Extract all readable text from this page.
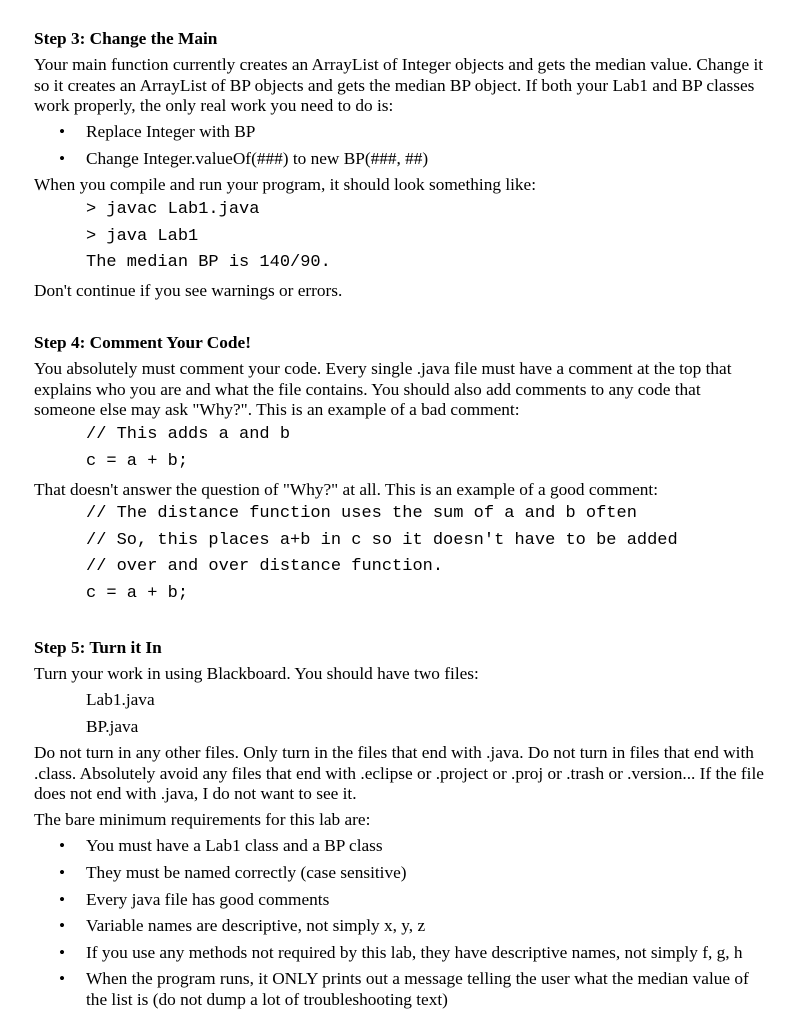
Step 3: Change the Main

Your main function currently creates an ArrayList of Integer objects and gets the median value. Change it so it creates an ArrayList of BP objects and gets the median BP object. If both your Lab1 and BP classes work properly, the only real work you need to do is:

• Replace Integer with BP
• Change Integer.valueOf(###) to new BP(###, ##)
When you compile and run your program, it should look something like:
> javac Lab1.java
> java Lab1
The median BP is 140/90.
Don't continue if you see warnings or errors.
Step 4: Comment Your Code!

You absolutely must comment your code. Every single .java file must have a comment at the top that explains who you are and what the file contains. You should also add comments to any code that someone else may ask "Why?". This is an example of a bad comment:

// This adds a and b
c = a + b;
That doesn't answer the question of "Why?" at all. This is an example of a good comment:
// The distance function uses the sum of a and b often
// So, this places a+b in c so it doesn't have to be added
// over and over distance function.
c = a + b;
Step 5: Turn it In
Turn your work in using Blackboard. You should have two files:
Lab1.java
BP.java

Do not turn in any other files. Only turn in the files that end with .java. Do not turn in files that end with .class. Absolutely avoid any files that end with .eclipse or .project or .proj or .trash or .version... If the file does not end with .java, I do not want to see it.

The bare minimum requirements for this lab are:
• You must have a Lab1 class and a BP class
• They must be named correctly (case sensitive)
• Every java file has good comments
• Variable names are descriptive, not simply x, y, z
• If you use any methods not required by this lab, they have descriptive names, not simply f, g, h
• When the program runs, it ONLY prints out a message telling the user what the median value of the list is (do not dump a lot of troubleshooting text)
